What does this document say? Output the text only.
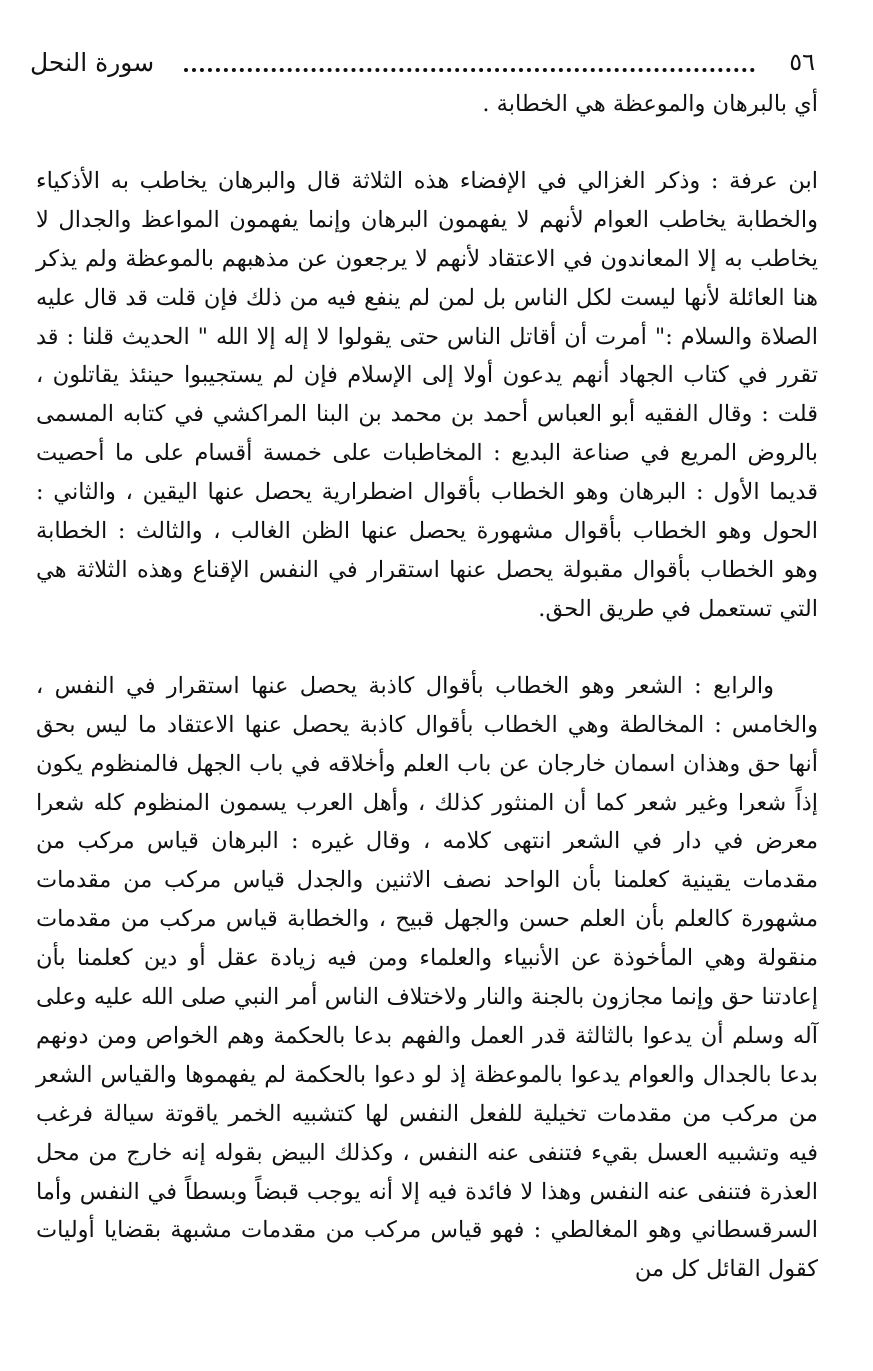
٥٦
سورة النحل

أي بالبرهان والموعظة هي الخطابة .

ابن عرفة : وذكر الغزالي في الإفضاء هذه الثلاثة قال والبرهان يخاطب به الأذكياء والخطابة يخاطب العوام لأنهم لا يفهمون البرهان وإنما يفهمون المواعظ والجدال لا يخاطب به إلا المعاندون في الاعتقاد لأنهم لا يرجعون عن مذهبهم بالموعظة ولم يذكر هنا العائلة لأنها ليست لكل الناس بل لمن لم ينفع فيه من ذلك فإن قلت قد قال عليه الصلاة والسلام :" أمرت أن أقاتل الناس حتى يقولوا لا إله إلا الله " الحديث قلنا : قد تقرر في كتاب الجهاد أنهم يدعون أولا إلى الإسلام فإن لم يستجيبوا حينئذ يقاتلون ، قلت : وقال الفقيه أبو العباس أحمد بن محمد بن البنا المراكشي في كتابه المسمى بالروض المريع في صناعة البديع : المخاطبات على خمسة أقسام على ما أحصيت قديما الأول : البرهان وهو الخطاب بأقوال اضطرارية يحصل عنها اليقين ، والثاني : الحول وهو الخطاب بأقوال مشهورة يحصل عنها الظن الغالب ، والثالث : الخطابة وهو الخطاب بأقوال مقبولة يحصل عنها استقرار في النفس الإقناع وهذه الثلاثة هي التي تستعمل في طريق الحق.

والرابع : الشعر وهو الخطاب بأقوال كاذبة يحصل عنها استقرار في النفس ، والخامس : المخالطة وهي الخطاب بأقوال كاذبة يحصل عنها الاعتقاد ما ليس بحق أنها حق وهذان اسمان خارجان عن باب العلم وأخلاقه في باب الجهل فالمنظوم يكون إذاً شعرا وغير شعر كما أن المنثور كذلك ، وأهل العرب يسمون المنظوم كله شعرا معرض في دار في الشعر انتهى كلامه ، وقال غيره : البرهان قياس مركب من مقدمات يقينية كعلمنا بأن الواحد نصف الاثنين والجدل قياس مركب من مقدمات مشهورة كالعلم بأن العلم حسن والجهل قبيح ، والخطابة قياس مركب من مقدمات منقولة وهي المأخوذة عن الأنبياء والعلماء ومن فيه زيادة عقل أو دين كعلمنا بأن إعادتنا حق وإنما مجازون بالجنة والنار ولاختلاف الناس أمر النبي صلى الله عليه وعلى آله وسلم أن يدعوا بالثالثة قدر العمل والفهم بدعا بالحكمة وهم الخواص ومن دونهم بدعا بالجدال والعوام يدعوا بالموعظة إذ لو دعوا بالحكمة لم يفهموها والقياس الشعر من مركب من مقدمات تخيلية للفعل النفس لها كتشبيه الخمر ياقوتة سيالة فرغب فيه وتشبيه العسل بقيء فتنفى عنه النفس ، وكذلك البيض بقوله إنه خارج من محل العذرة فتنفى عنه النفس وهذا لا فائدة فيه إلا أنه يوجب قبضاً وبسطاً في النفس وأما السرقسطاني وهو المغالطي : فهو قياس مركب من مقدمات مشبهة بقضايا أوليات كقول القائل كل من
